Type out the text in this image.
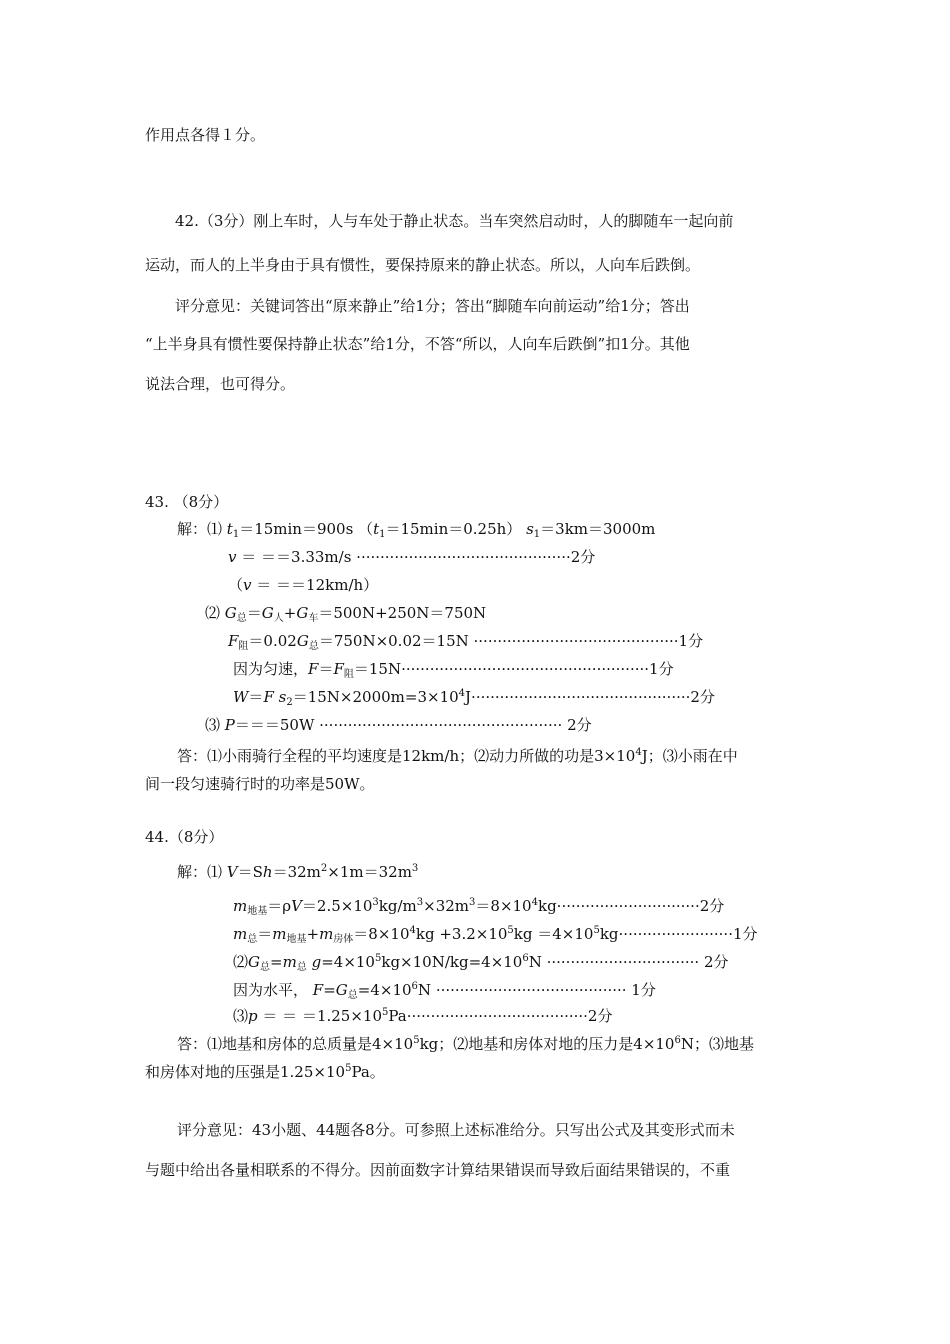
作用点各得１分。
42.（3分）刚上车时，人与车处于静止状态。当车突然启动时，人的脚随车一起向前
运动，而人的上半身由于具有惯性，要保持原来的静止状态。所以，人向车后跌倒。
评分意见：关键词答出“原来静止”给1分；答出“脚随车向前运动”给1分；答出
“上半身具有惯性要保持静止状态”给1分，不答“所以，人向车后跌倒”扣1分。其他
说法合理，也可得分。
43. （8分）
解：⑴ $t_1=15\min=900s$ $(t_1=15\min=0.25h)$ $s_1=3km=3000m$
v ＝ ＝＝3.33m/s ·············································2分
（v ＝ ＝＝12km/h）
⑵ $G_总=G_人+G_车=500N+250N=750N$
$F_阻=0.02G_总=750N\times 0.02=15N \cdot\cdot\cdot\cdot\cdot\cdot\cdot\cdot\cdot\cdot\cdot\cdot\cdot\cdot\cdot\cdot\cdot\cdot\cdot\cdot\cdot\cdot\cdot\cdot\cdot\cdot\cdot\cdot\cdot\cdot\cdot\cdot\cdot\cdot\cdot\cdot\cdot\cdot\cdot\cdot\cdot\cdot\cdot 1$分
因为匀速，$F=F_阻=15N\cdot\cdot\cdot\cdot\cdot\cdot\cdot\cdot\cdot\cdot\cdot\cdot\cdot\cdot\cdot\cdot\cdot\cdot\cdot\cdot\cdot\cdot\cdot\cdot\cdot\cdot\cdot\cdot\cdot\cdot\cdot\cdot\cdot\cdot\cdot\cdot\cdot\cdot\cdot\cdot\cdot\cdot\cdot\cdot\cdot\cdot\cdot\cdot\cdot\cdot\cdot\cdot 1$分
W＝F $s_2=15N\times 2000m=3\times 10^4J\cdot\cdot\cdot\cdot\cdot\cdot\cdot\cdot\cdot\cdot\cdot\cdot\cdot\cdot\cdot\cdot\cdot\cdot\cdot\cdot\cdot\cdot\cdot\cdot\cdot\cdot\cdot\cdot\cdot\cdot\cdot\cdot\cdot\cdot\cdot\cdot\cdot\cdot\cdot\cdot\cdot\cdot\cdot\cdot\cdot\cdot 2$分
⑶ P＝＝＝50W ··················································· 2分
答：⑴小雨骑行全程的平均速度是12km/h；⑵动力所做的功是$3\times 10^4J$；⑶小雨在中
间一段匀速骑行时的功率是50W。
44.（8分）
解：⑴ $V=Sh=32m^2\times 1m=32m^3$
$m_{地基}=\rho V=2.5\times 10^3kg/m^3\times 32m^3=8\times 10^4kg\cdot\cdot\cdot\cdot\cdot\cdot\cdot\cdot\cdot\cdot\cdot\cdot\cdot\cdot\cdot\cdot\cdot\cdot\cdot\cdot\cdot\cdot\cdot\cdot\cdot\cdot\cdot\cdot\cdot\cdot 2$分
$m_总=m_{地基}+m_{房体}=8\times 10^4kg +3.2\times 10^5kg =4\times 10^5kg\cdot\cdot\cdot\cdot\cdot\cdot\cdot\cdot\cdot\cdot\cdot\cdot\cdot\cdot\cdot\cdot\cdot\cdot\cdot\cdot\cdot\cdot\cdot\cdot 1$分
$⑵G_总=m_总$ $g=4\times 10^5kg\times 10N/kg=4\times 10^6N$ ································ 2分
因为水平， $F=G_总=4\times 10^6N$ ········································ 1分
⑶p ＝ ＝ $=1.25\times 10^5Pa\cdot\cdot\cdot\cdot\cdot\cdot\cdot\cdot\cdot\cdot\cdot\cdot\cdot\cdot\cdot\cdot\cdot\cdot\cdot\cdot\cdot\cdot\cdot\cdot\cdot\cdot\cdot\cdot\cdot\cdot\cdot\cdot\cdot\cdot\cdot\cdot\cdot\cdot 2$分
答：⑴地基和房体的总质量是$4\times 10^5kg$；⑵地基和房体对地的压力是$4\times 10^6N$；⑶地基
和房体对地的压强是$1.25\times 10^5Pa$。
评分意见：43小题、44题各8分。可参照上述标准给分。只写出公式及其变形式而未
与题中给出各量相联系的不得分。因前面数字计算结果错误而导致后面结果错误的，不重
